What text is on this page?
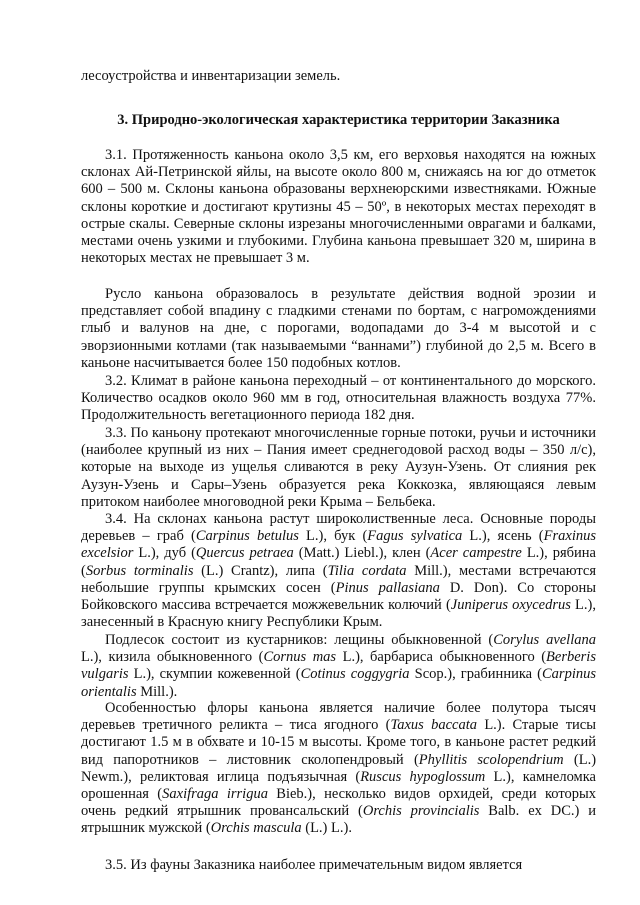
лесоустройства и инвентаризации земель.

3. Природно-экологическая характеристика территории Заказника

3.1. Протяженность каньона около 3,5 км, его верховья находятся на южных склонах Ай-Петринской яйлы, на высоте около 800 м, снижаясь на юг до отметок 600 – 500 м. Склоны каньона образованы верхнеюрскими известняками. Южные склоны короткие и достигают крутизны 45 – 50º, в некоторых местах переходят в острые скалы. Северные склоны изрезаны многочисленными оврагами и балками, местами очень узкими и глубокими. Глубина каньона превышает 320 м, ширина в некоторых местах не превышает 3 м.

Русло каньона образовалось в результате действия водной эрозии и представляет собой впадину с гладкими стенами по бортам, с нагромождениями глыб и валунов на дне, с порогами, водопадами до 3-4 м высотой и с эворзионными котлами (так называемыми “ваннами”) глубиной до 2,5 м. Всего в каньоне насчитывается более 150 подобных котлов.

3.2. Климат в районе каньона переходный – от континентального до морского. Количество осадков около 960 мм в год, относительная влажность воздуха 77%. Продолжительность вегетационного периода 182 дня.

3.3. По каньону протекают многочисленные горные потоки, ручьи и источники (наиболее крупный из них – Пания имеет среднегодовой расход воды – 350 л/с), которые на выходе из ущелья сливаются в реку Аузун-Узень. От слияния рек Аузун-Узень и Сары–Узень образуется река Коккозка, являющаяся левым притоком наиболее многоводной реки Крыма – Бельбека.

3.4. На склонах каньона растут широколиственные леса. Основные породы деревьев – граб (Carpinus betulus L.), бук (Fagus sylvatica L.), ясень (Fraxinus excelsior L.), дуб (Quercus petraea (Matt.) Liebl.), клен (Acer campestre L.), рябина (Sorbus torminalis (L.) Crantz), липа (Tilia cordata Mill.), местами встречаются небольшие группы крымских сосен (Pinus pallasiana D. Don). Со стороны Бойковского массива встречается можжевельник колючий (Juniperus oxycedrus L.), занесенный в Красную книгу Республики Крым.

Подлесок состоит из кустарников: лещины обыкновенной (Corylus avellana L.), кизила обыкновенного (Cornus mas L.), барбариса обыкновенного (Berberis vulgaris L.), скумпии кожевенной (Cotinus coggygria Scop.), грабинника (Carpinus orientalis Mill.).

Особенностью флоры каньона является наличие более полутора тысяч деревьев третичного реликта – тиса ягодного (Taxus baccata L.). Старые тисы достигают 1.5 м в обхвате и 10-15 м высоты. Кроме того, в каньоне растет редкий вид папоротников – листовник сколопендровый (Phyllitis scolopendrium (L.) Newm.), реликтовая иглица подъязычная (Ruscus hypoglossum L.), камнеломка орошенная (Saxifraga irrigua Bieb.), несколько видов орхидей, среди которых очень редкий ятрышник провансальский (Orchis provincialis Balb. ex DC.) и ятрышник мужской (Orchis mascula (L.) L.).

3.5. Из фауны Заказника наиболее примечательным видом является
